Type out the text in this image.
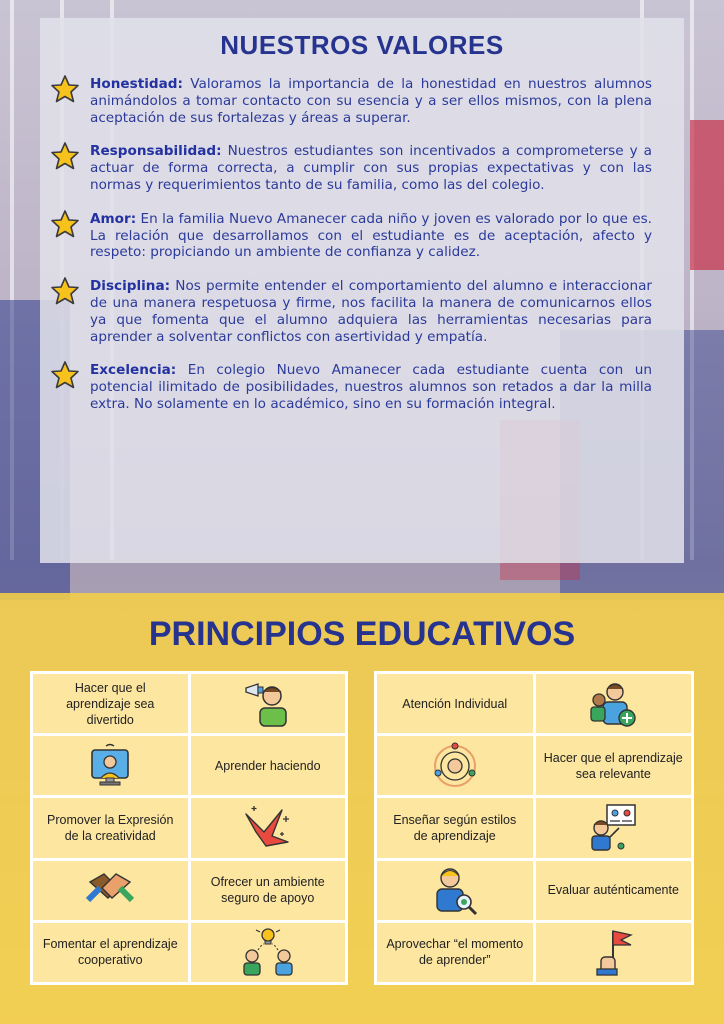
NUESTROS VALORES
Honestidad: Valoramos la importancia de la honestidad en nuestros alumnos animándolos a tomar contacto con su esencia y a ser ellos mismos, con la plena aceptación de sus fortalezas y áreas a superar.
Responsabilidad: Nuestros estudiantes son incentivados a comprometerse y a actuar de forma correcta, a cumplir con sus propias expectativas y con las normas y requerimientos tanto de su familia, como las del colegio.
Amor: En la familia Nuevo Amanecer cada niño y joven es valorado por lo que es. La relación que desarrollamos con el estudiante es de aceptación, afecto y respeto: propiciando un ambiente de confianza y calidez.
Disciplina: Nos permite entender el comportamiento del alumno e interaccionar de una manera respetuosa y firme, nos facilita la manera de comunicarnos ellos ya que fomenta que el alumno adquiera las herramientas necesarias para aprender a solventar conflictos con asertividad y empatía.
Excelencia: En colegio Nuevo Amanecer cada estudiante cuenta con un potencial ilimitado de posibilidades, nuestros alumnos son retados a dar la milla extra. No solamente en lo académico, sino en su formación integral.
PRINCIPIOS EDUCATIVOS
Hacer que el aprendizaje sea divertido
Aprender haciendo
Promover la Expresión de la creatividad
Ofrecer un ambiente seguro de apoyo
Fomentar el aprendizaje cooperativo
Atención Individual
Hacer que el aprendizaje sea relevante
Enseñar según estilos de aprendizaje
Evaluar auténticamente
Aprovechar “el momento de aprender”
